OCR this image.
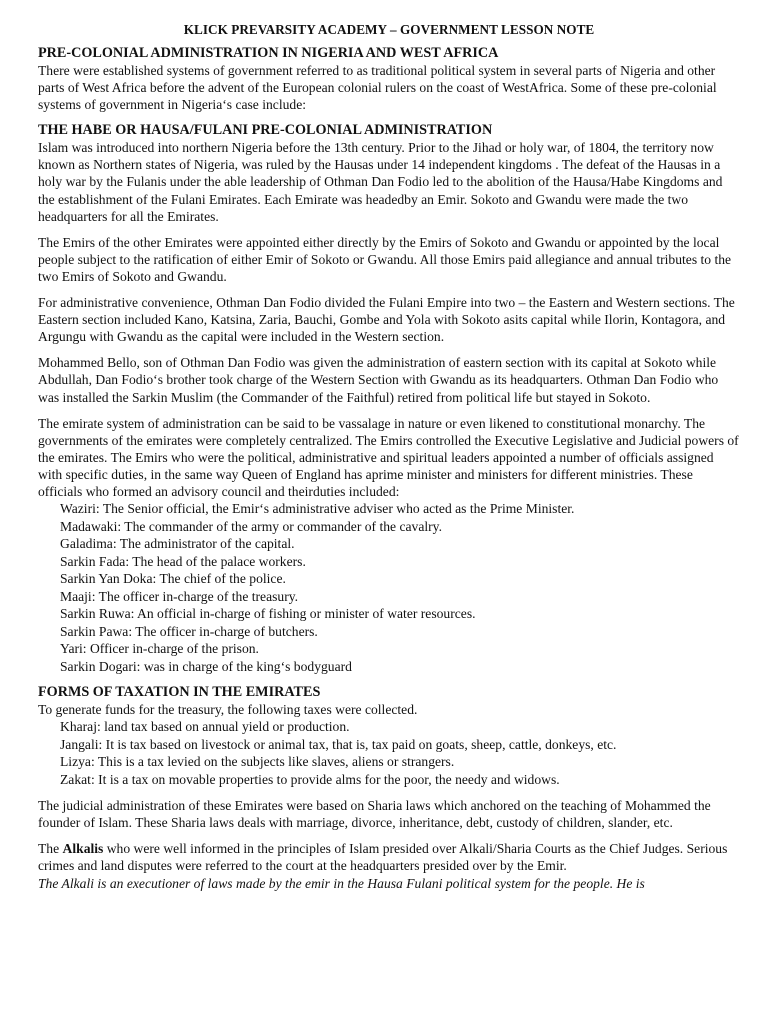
KLICK PREVARSITY ACADEMY – GOVERNMENT LESSON NOTE
PRE-COLONIAL ADMINISTRATION IN NIGERIA AND WEST AFRICA

There were established systems of government referred to as traditional political system in several parts of Nigeria and other parts of West Africa before the advent of the European colonial rulers on the coast of WestAfrica. Some of these pre-colonial systems of government in Nigeria‘s case include:

THE HABE OR HAUSA/FULANI PRE-COLONIAL ADMINISTRATION

Islam was introduced into northern Nigeria before the 13th century. Prior to the Jihad or holy war, of 1804, the territory now known as Northern states of Nigeria, was ruled by the Hausas under 14 independent kingdoms . The defeat of the Hausas in a holy war by the Fulanis under the able leadership of Othman Dan Fodio led to the abolition of the Hausa/Habe Kingdoms and the establishment of the Fulani Emirates. Each Emirate was headedby an Emir. Sokoto and Gwandu were made the two headquarters for all the Emirates.

The Emirs of the other Emirates were appointed either directly by the Emirs of Sokoto and Gwandu or appointed by the local people subject to the ratification of either Emir of Sokoto or Gwandu. All those Emirs paid allegiance and annual tributes to the two Emirs of Sokoto and Gwandu.

For administrative convenience, Othman Dan Fodio divided the Fulani Empire into two – the Eastern and Western sections. The Eastern section included Kano, Katsina, Zaria, Bauchi, Gombe and Yola with Sokoto asits capital while Ilorin, Kontagora, and Argungu with Gwandu as the capital were included in the Western section.

Mohammed Bello, son of Othman Dan Fodio was given the administration of eastern section with its capital at Sokoto while Abdullah, Dan Fodio‘s brother took charge of the Western Section with Gwandu as its headquarters. Othman Dan Fodio who was installed the Sarkin Muslim (the Commander of the Faithful) retired from political life but stayed in Sokoto.

The emirate system of administration can be said to be vassalage in nature or even likened to constitutional monarchy. The governments of the emirates were completely centralized. The Emirs controlled the Executive Legislative and Judicial powers of the emirates. The Emirs who were the political, administrative and spiritual leaders appointed a number of officials assigned with specific duties, in the same way Queen of England has aprime minister and ministers for different ministries. These officials who formed an advisory council and theirduties included:

Waziri: The Senior official, the Emir‘s administrative adviser who acted as the Prime Minister.
Madawaki: The commander of the army or commander of the cavalry.
Galadima: The administrator of the capital.
Sarkin Fada: The head of the palace workers.
Sarkin Yan Doka: The chief of the police.
Maaji: The officer in-charge of the treasury.
Sarkin Ruwa: An official in-charge of fishing or minister of water resources.
Sarkin Pawa: The officer in-charge of butchers.
Yari: Officer in-charge of the prison.
Sarkin Dogari: was in charge of the king‘s bodyguard
FORMS OF TAXATION IN THE EMIRATES

To generate funds for the treasury, the following taxes were collected.

Kharaj: land tax based on annual yield or production.
Jangali: It is tax based on livestock or animal tax, that is, tax paid on goats, sheep, cattle, donkeys, etc.
Lizya: This is a tax levied on the subjects like slaves, aliens or strangers.
Zakat: It is a tax on movable properties to provide alms for the poor, the needy and widows.

The judicial administration of these Emirates were based on Sharia laws which anchored on the teaching of Mohammed the founder of Islam. These Sharia laws deals with marriage, divorce, inheritance, debt, custody of children, slander, etc.

The Alkalis who were well informed in the principles of Islam presided over Alkali/Sharia Courts as the Chief Judges. Serious crimes and land disputes were referred to the court at the headquarters presided over by the Emir.

The Alkali is an executioner of laws made by the emir in the Hausa Fulani political system for the people. He is
